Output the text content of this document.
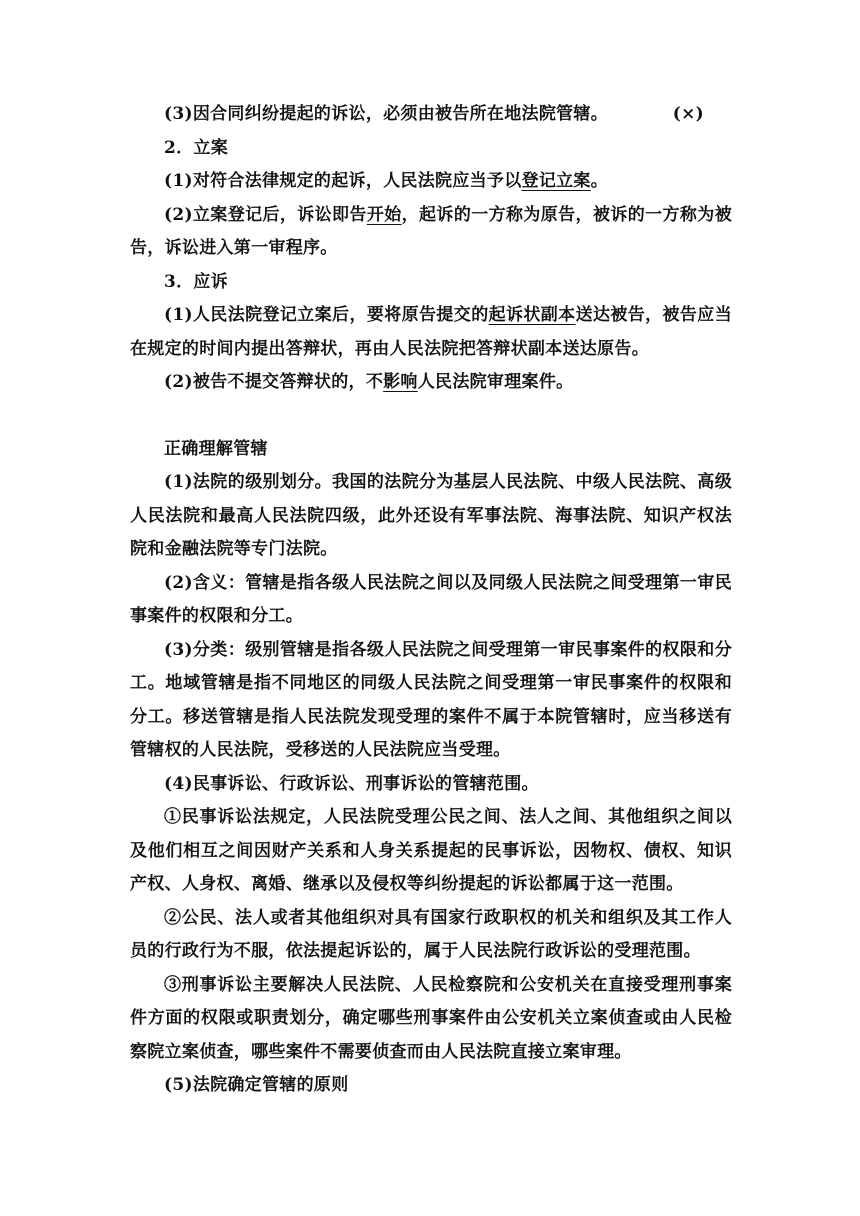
(3)因合同纠纷提起的诉讼，必须由被告所在地法院管辖。	(×)

2．立案

(1)对符合法律规定的起诉，人民法院应当予以登记立案。

(2)立案登记后，诉讼即告开始，起诉的一方称为原告，被诉的一方称为被告，诉讼进入第一审程序。

3．应诉

(1)人民法院登记立案后，要将原告提交的起诉状副本送达被告，被告应当在规定的时间内提出答辩状，再由人民法院把答辩状副本送达原告。

(2)被告不提交答辩状的，不影响人民法院审理案件。

正确理解管辖

(1)法院的级别划分。我国的法院分为基层人民法院、中级人民法院、高级人民法院和最高人民法院四级，此外还设有军事法院、海事法院、知识产权法院和金融法院等专门法院。

(2)含义：管辖是指各级人民法院之间以及同级人民法院之间受理第一审民事案件的权限和分工。

(3)分类：级别管辖是指各级人民法院之间受理第一审民事案件的权限和分工。地域管辖是指不同地区的同级人民法院之间受理第一审民事案件的权限和分工。移送管辖是指人民法院发现受理的案件不属于本院管辖时，应当移送有管辖权的人民法院，受移送的人民法院应当受理。

(4)民事诉讼、行政诉讼、刑事诉讼的管辖范围。

①民事诉讼法规定，人民法院受理公民之间、法人之间、其他组织之间以及他们相互之间因财产关系和人身关系提起的民事诉讼，因物权、债权、知识产权、人身权、离婚、继承以及侵权等纠纷提起的诉讼都属于这一范围。

②公民、法人或者其他组织对具有国家行政职权的机关和组织及其工作人员的行政行为不服，依法提起诉讼的，属于人民法院行政诉讼的受理范围。

③刑事诉讼主要解决人民法院、人民检察院和公安机关在直接受理刑事案件方面的权限或职责划分，确定哪些刑事案件由公安机关立案侦查或由人民检察院立案侦查，哪些案件不需要侦查而由人民法院直接立案审理。

(5)法院确定管辖的原则
